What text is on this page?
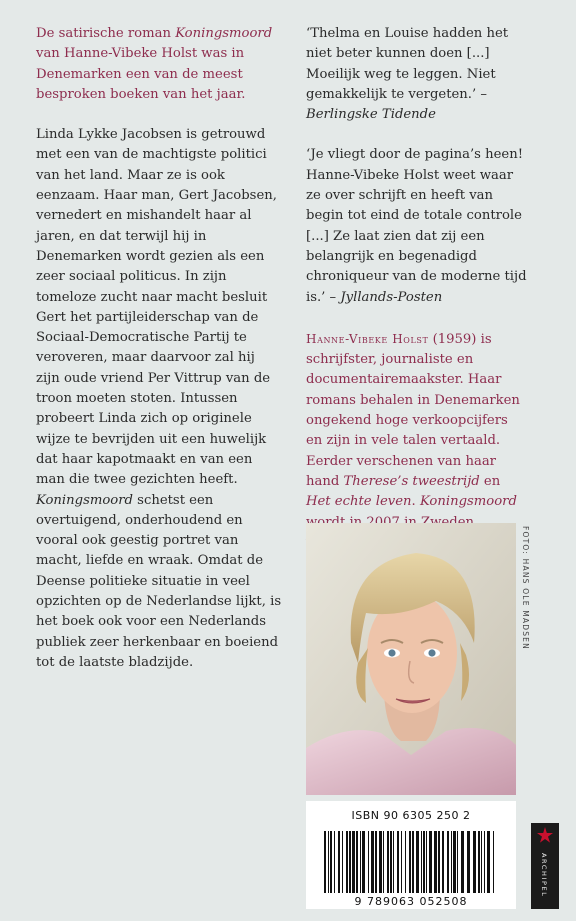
De satirische roman Koningsmoord van Hanne-Vibeke Holst was in Denemarken een van de meest besproken boeken van het jaar.

Linda Lykke Jacobsen is getrouwd met een van de machtigste politici van het land. Maar ze is ook eenzaam. Haar man, Gert Jacobsen, vernedert en mishandelt haar al jaren, en dat terwijl hij in Denemarken wordt gezien als een zeer sociaal politicus. In zijn tomeloze zucht naar macht besluit Gert het partijleiderschap van de Sociaal-Democratische Partij te veroveren, maar daarvoor zal hij zijn oude vriend Per Vittrup van de troon moeten stoten. Intussen probeert Linda zich op originele wijze te bevrijden uit een huwelijk dat haar kapotmaakt en van een man die twee gezichten heeft. Koningsmoord schetst een overtuigend, onderhoudend en vooral ook geestig portret van macht, liefde en wraak. Omdat de Deense politieke situatie in veel opzichten op de Nederlandse lijkt, is het boek ook voor een Nederlands publiek zeer herkenbaar en boeiend tot de laatste bladzijde.

‘Thelma en Louise hadden het niet beter kunnen doen [...] Moeilijk weg te leggen. Niet gemakkelijk te vergeten.’ – Berlingske Tidende

‘Je vliegt door de pagina’s heen! Hanne-Vibeke Holst weet waar ze over schrijft en heeft van begin tot eind de totale controle [...] Ze laat zien dat zij een belangrijk en begenadigd chroniqueur van de moderne tijd is.’ – Jyllands-Posten

Hanne-Vibeke Holst (1959) is schrijfster, journaliste en documentairemaakster. Haar romans behalen in Denemarken ongekend hoge verkoopcijfers en zijn in vele talen vertaald. Eerder verschenen van haar hand Therese’s tweestrijd en Het echte leven. Koningsmoord

FOTO: HANS OLE MADSEN
ISBN 90 6305 250 2
9 789063 052508
ARCHIPEL
